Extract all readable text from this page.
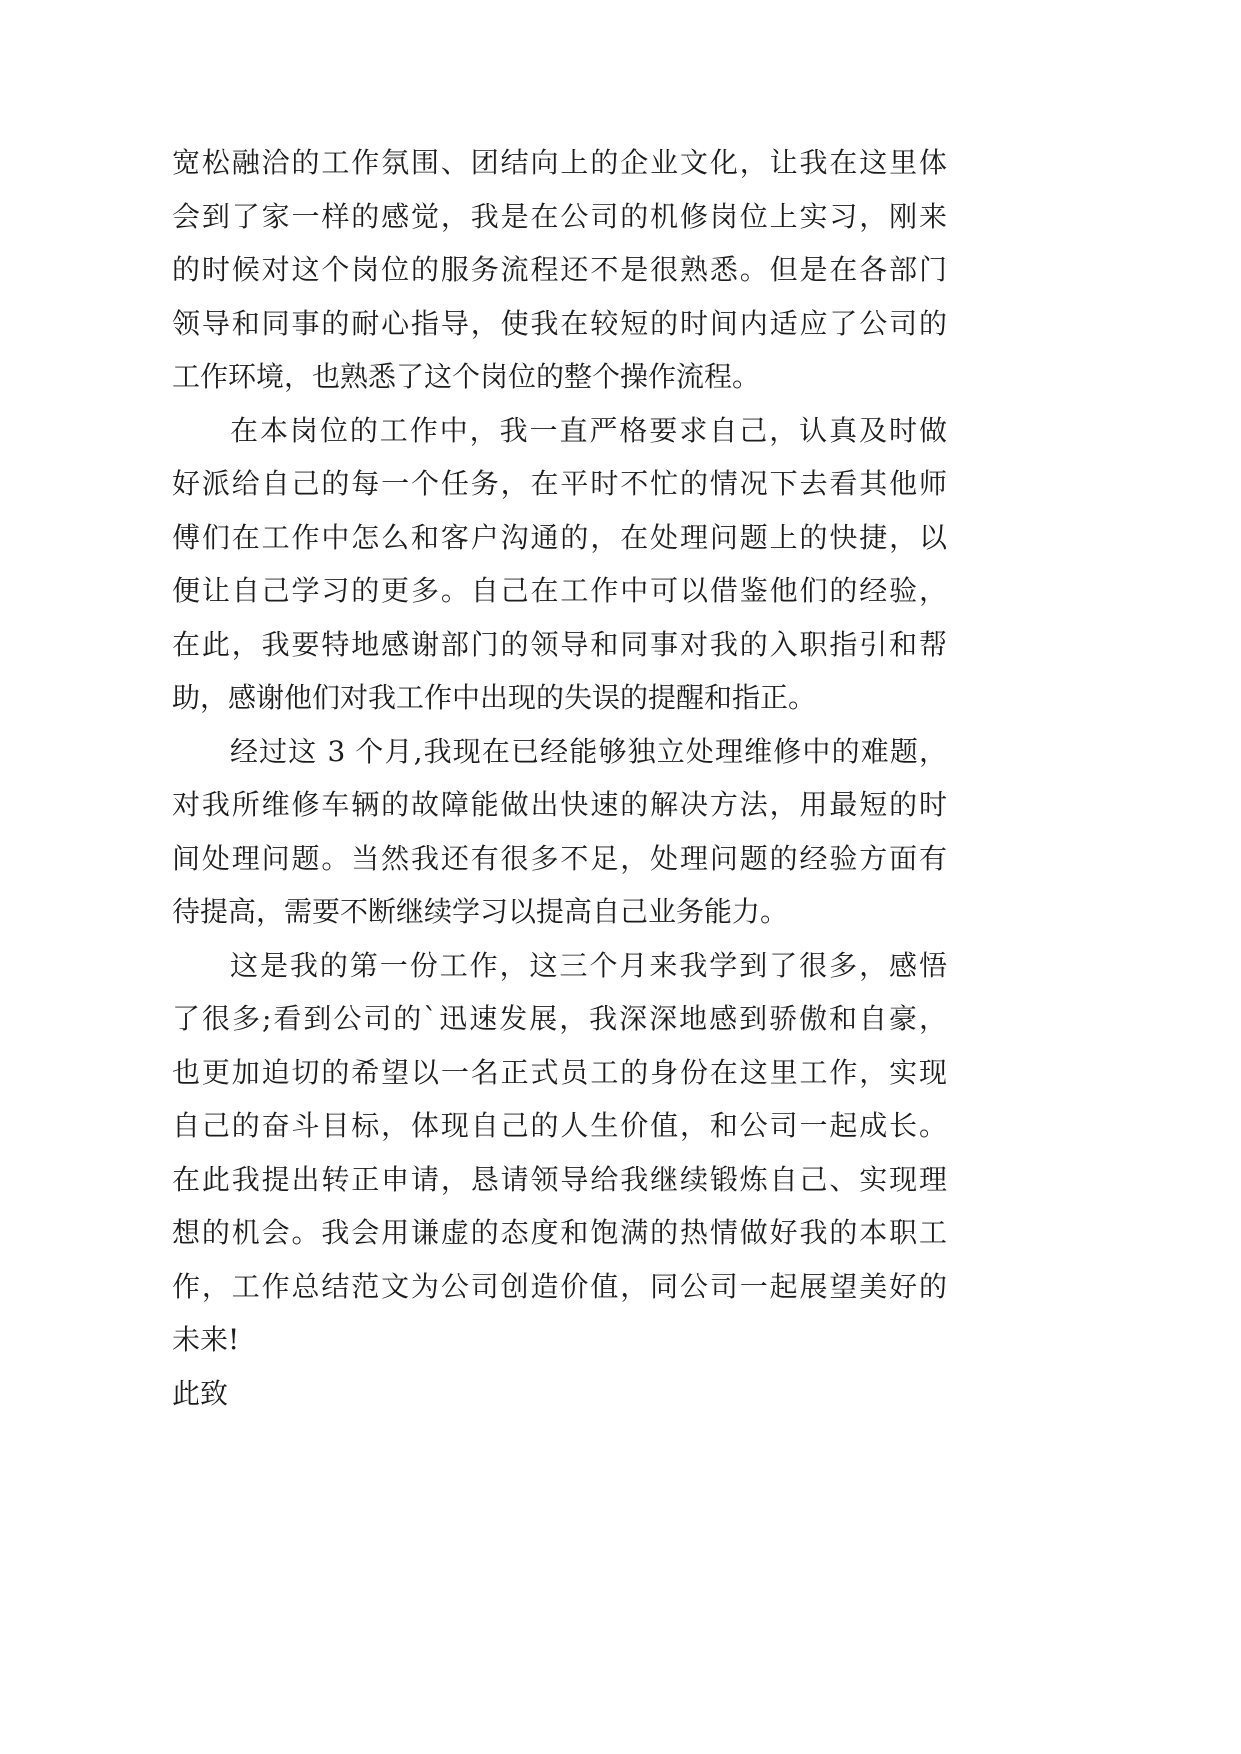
宽松融洽的工作氛围、团结向上的企业文化，让我在这里体
会到了家一样的感觉，我是在公司的机修岗位上实习，刚来
的时候对这个岗位的服务流程还不是很熟悉。但是在各部门
领导和同事的耐心指导，使我在较短的时间内适应了公司的
工作环境，也熟悉了这个岗位的整个操作流程。
在本岗位的工作中，我一直严格要求自己，认真及时做
好派给自己的每一个任务，在平时不忙的情况下去看其他师
傅们在工作中怎么和客户沟通的，在处理问题上的快捷，以
便让自己学习的更多。自己在工作中可以借鉴他们的经验，
在此，我要特地感谢部门的领导和同事对我的入职指引和帮
助，感谢他们对我工作中出现的失误的提醒和指正。
经过这 3 个月,我现在已经能够独立处理维修中的难题，
对我所维修车辆的故障能做出快速的解决方法，用最短的时
间处理问题。当然我还有很多不足，处理问题的经验方面有
待提高，需要不断继续学习以提高自己业务能力。
这是我的第一份工作，这三个月来我学到了很多，感悟
了很多;看到公司的`迅速发展，我深深地感到骄傲和自豪，
也更加迫切的希望以一名正式员工的身份在这里工作，实现
自己的奋斗目标，体现自己的人生价值，和公司一起成长。
在此我提出转正申请，恳请领导给我继续锻炼自己、实现理
想的机会。我会用谦虚的态度和饱满的热情做好我的本职工
作，工作总结范文为公司创造价值，同公司一起展望美好的
未来!
此致
